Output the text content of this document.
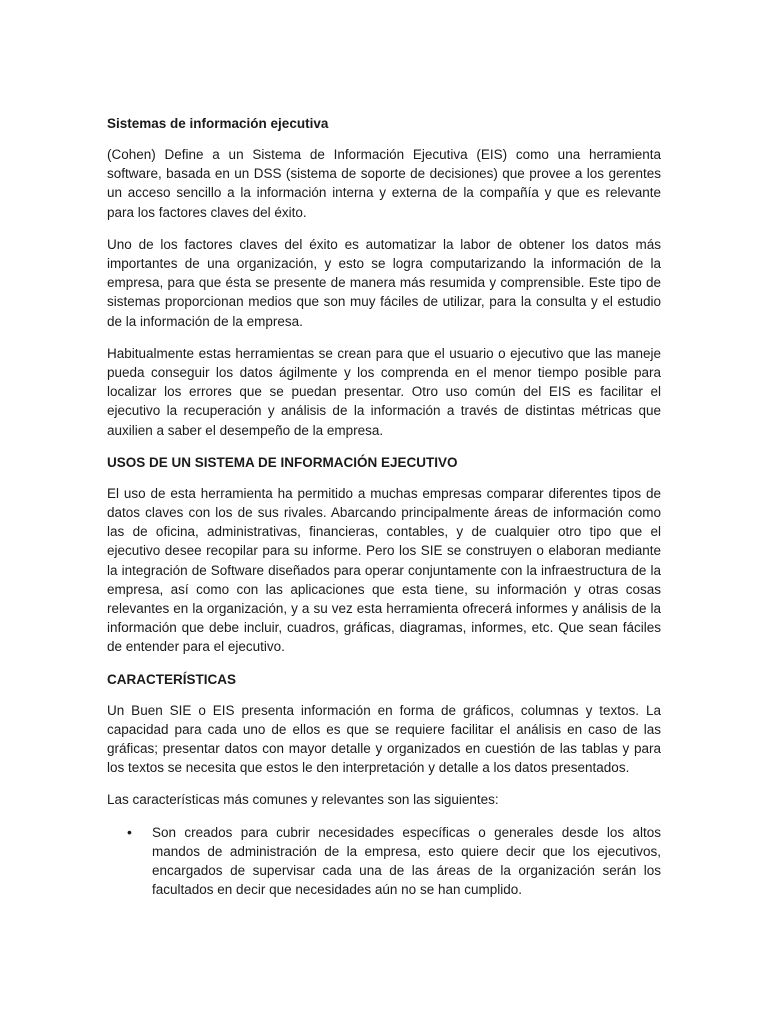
Sistemas de información ejecutiva

(Cohen) Define a un Sistema de Información Ejecutiva (EIS) como una herramienta software, basada en un DSS (sistema de soporte de decisiones) que provee a los gerentes un acceso sencillo a la información interna y externa de la compañía y que es relevante para los factores claves del éxito.

Uno de los factores claves del éxito es automatizar la labor de obtener los datos más importantes de una organización, y esto se logra computarizando la información de la empresa, para que ésta se presente de manera más resumida y comprensible. Este tipo de sistemas proporcionan medios que son muy fáciles de utilizar, para la consulta y el estudio de la información de la empresa.

Habitualmente estas herramientas se crean para que el usuario o ejecutivo que las maneje pueda conseguir los datos ágilmente y los comprenda en el menor tiempo posible para localizar los errores que se puedan presentar. Otro uso común del EIS es facilitar el ejecutivo la recuperación y análisis de la información a través de distintas métricas que auxilien a saber el desempeño de la empresa.

USOS DE UN SISTEMA DE INFORMACIÓN EJECUTIVO

El uso de esta herramienta ha permitido a muchas empresas comparar diferentes tipos de datos claves con los de sus rivales. Abarcando principalmente áreas de información como las de oficina, administrativas, financieras, contables, y de cualquier otro tipo que el ejecutivo desee recopilar para su informe. Pero los SIE se construyen o elaboran mediante la integración de Software diseñados para operar conjuntamente con la infraestructura de la empresa, así como con las aplicaciones que esta tiene, su información y otras cosas relevantes en la organización, y a su vez esta herramienta ofrecerá informes y análisis de la información que debe incluir, cuadros, gráficas, diagramas, informes, etc. Que sean fáciles de entender para el ejecutivo.

CARACTERÍSTICAS

Un Buen SIE o EIS presenta información en forma de gráficos, columnas y textos. La capacidad para cada uno de ellos es que se requiere facilitar el análisis en caso de las gráficas; presentar datos con mayor detalle y organizados en cuestión de las tablas y para los textos se necesita que estos le den interpretación y detalle a los datos presentados.

Las características más comunes y relevantes son las siguientes:

• Son creados para cubrir necesidades específicas o generales desde los altos mandos de administración de la empresa, esto quiere decir que los ejecutivos, encargados de supervisar cada una de las áreas de la organización serán los facultados en decir que necesidades aún no se han cumplido.
